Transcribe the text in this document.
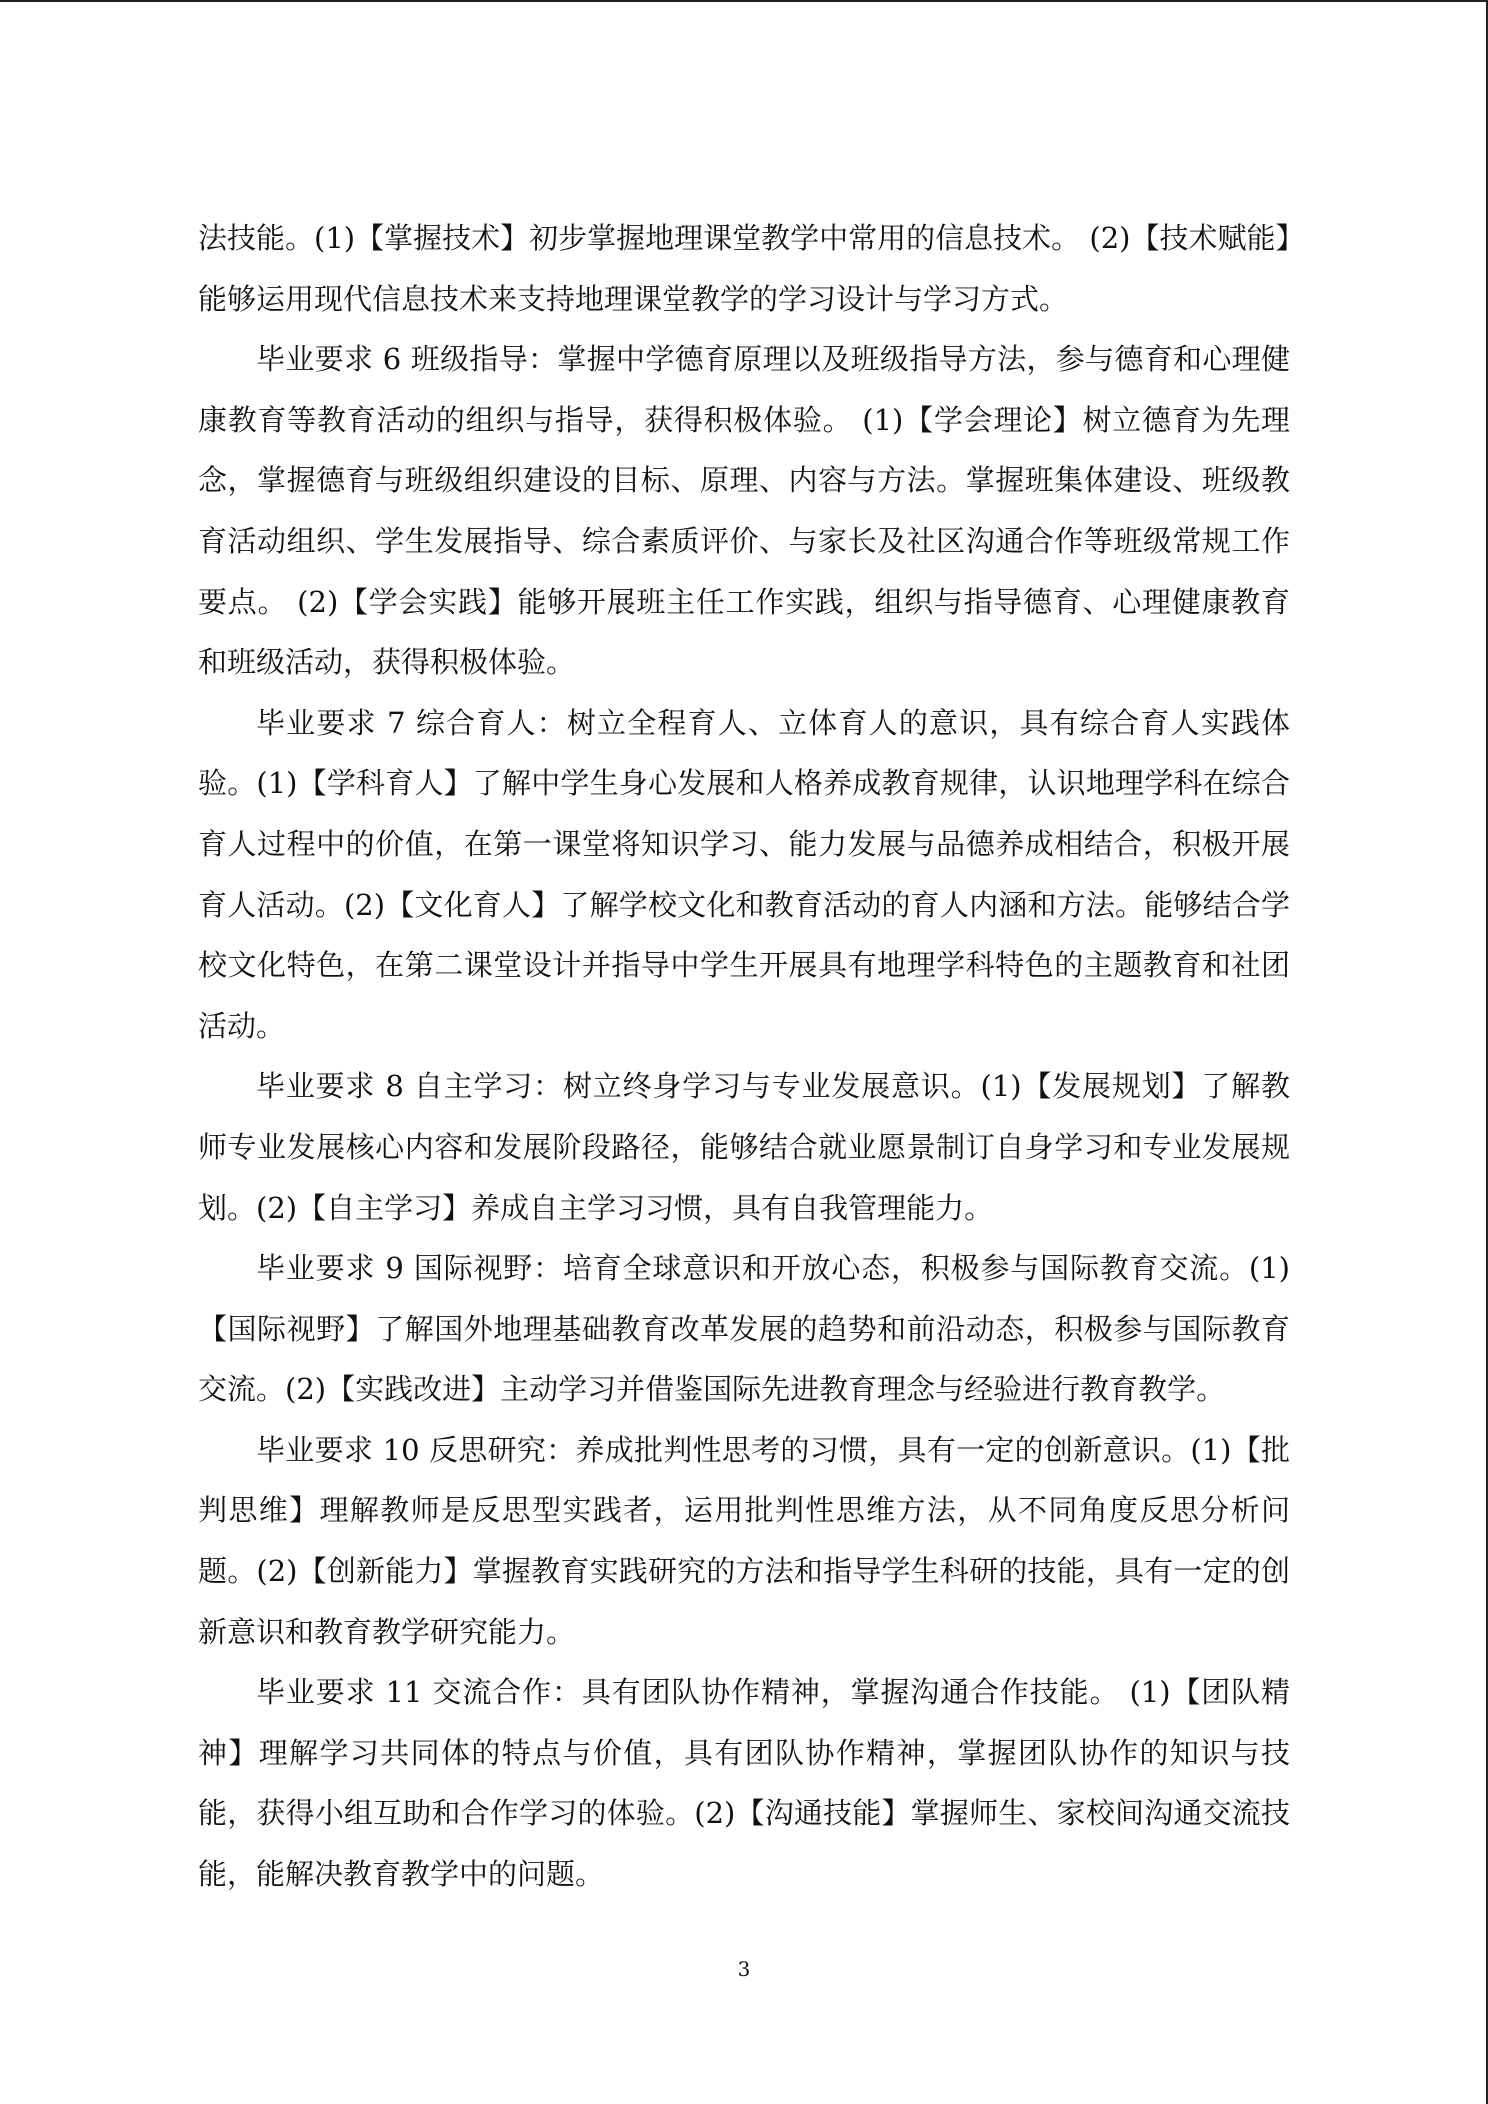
法技能。(1)【掌握技术】初步掌握地理课堂教学中常用的信息技术。 (2)【技术赋能】能够运用现代信息技术来支持地理课堂教学的学习设计与学习方式。

毕业要求 6 班级指导：掌握中学德育原理以及班级指导方法，参与德育和心理健康教育等教育活动的组织与指导，获得积极体验。 (1)【学会理论】树立德育为先理念，掌握德育与班级组织建设的目标、原理、内容与方法。掌握班集体建设、班级教育活动组织、学生发展指导、综合素质评价、与家长及社区沟通合作等班级常规工作要点。 (2)【学会实践】能够开展班主任工作实践，组织与指导德育、心理健康教育和班级活动，获得积极体验。

毕业要求 7 综合育人：树立全程育人、立体育人的意识，具有综合育人实践体验。(1)【学科育人】了解中学生身心发展和人格养成教育规律，认识地理学科在综合育人过程中的价值，在第一课堂将知识学习、能力发展与品德养成相结合，积极开展育人活动。(2)【文化育人】了解学校文化和教育活动的育人内涵和方法。能够结合学校文化特色，在第二课堂设计并指导中学生开展具有地理学科特色的主题教育和社团活动。

毕业要求 8 自主学习：树立终身学习与专业发展意识。(1)【发展规划】了解教师专业发展核心内容和发展阶段路径，能够结合就业愿景制订自身学习和专业发展规划。(2)【自主学习】养成自主学习习惯，具有自我管理能力。

毕业要求 9 国际视野：培育全球意识和开放心态，积极参与国际教育交流。(1)【国际视野】了解国外地理基础教育改革发展的趋势和前沿动态，积极参与国际教育交流。(2)【实践改进】主动学习并借鉴国际先进教育理念与经验进行教育教学。

毕业要求 10 反思研究：养成批判性思考的习惯，具有一定的创新意识。(1)【批判思维】理解教师是反思型实践者，运用批判性思维方法，从不同角度反思分析问题。(2)【创新能力】掌握教育实践研究的方法和指导学生科研的技能，具有一定的创新意识和教育教学研究能力。

毕业要求 11 交流合作：具有团队协作精神，掌握沟通合作技能。 (1)【团队精神】理解学习共同体的特点与价值，具有团队协作精神，掌握团队协作的知识与技能，获得小组互助和合作学习的体验。(2)【沟通技能】掌握师生、家校间沟通交流技能，能解决教育教学中的问题。

3
